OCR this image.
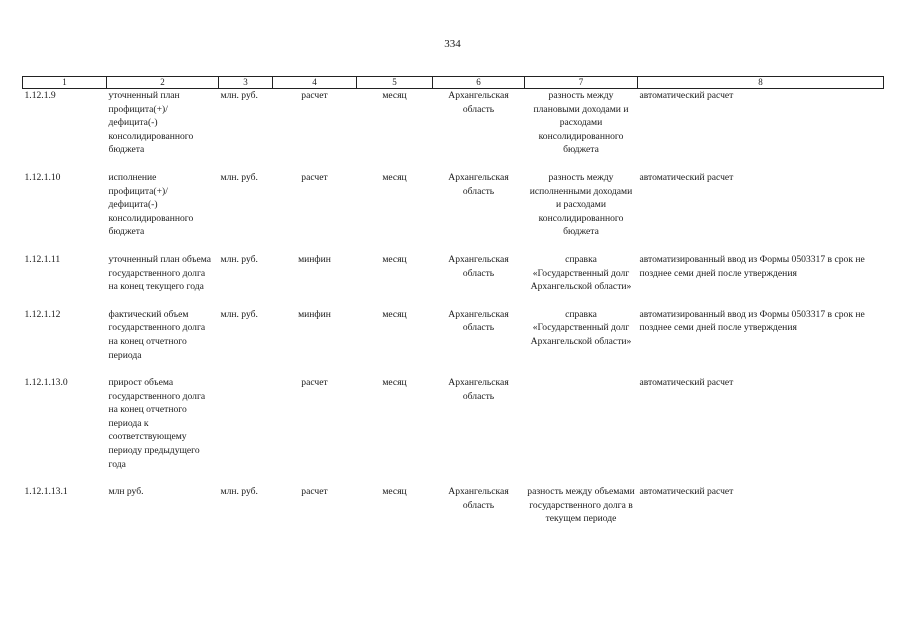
334
1	2	3	4	5	6	7	8
1.12.1.9	уточненный план профицита(+)/ дефицита(-) консолидированного бюджета	млн. руб.	расчет	месяц	Архангельская область	разность между плановыми доходами и расходами консолидированного бюджета	автоматический расчет

1.12.1.10	исполнение профицита(+)/ дефицита(-) консолидированного бюджета	млн. руб.	расчет	месяц	Архангельская область	разность между исполненными доходами и расходами консолидированного бюджета	автоматический расчет

1.12.1.11	уточненный план объема государственного долга на конец текущего года	млн. руб.	минфин	месяц	Архангельская область	справка «Государственный долг Архангельской области»	автоматизированный ввод из Формы 0503317 в срок не позднее семи дней после утверждения

1.12.1.12	фактический объем государственного долга на конец отчетного периода	млн. руб.	минфин	месяц	Архангельская область	справка «Государственный долг Архангельской области»	автоматизированный ввод из Формы 0503317 в срок не позднее семи дней после утверждения

1.12.1.13.0	прирост объема государственного долга на конец отчетного периода к соответствующему периоду предыдущего года		расчет	месяц	Архангельская область		автоматический расчет

1.12.1.13.1	млн руб.	млн. руб.	расчет	месяц	Архангельская область	разность между объемами государственного долга в текущем периоде	автоматический расчет
